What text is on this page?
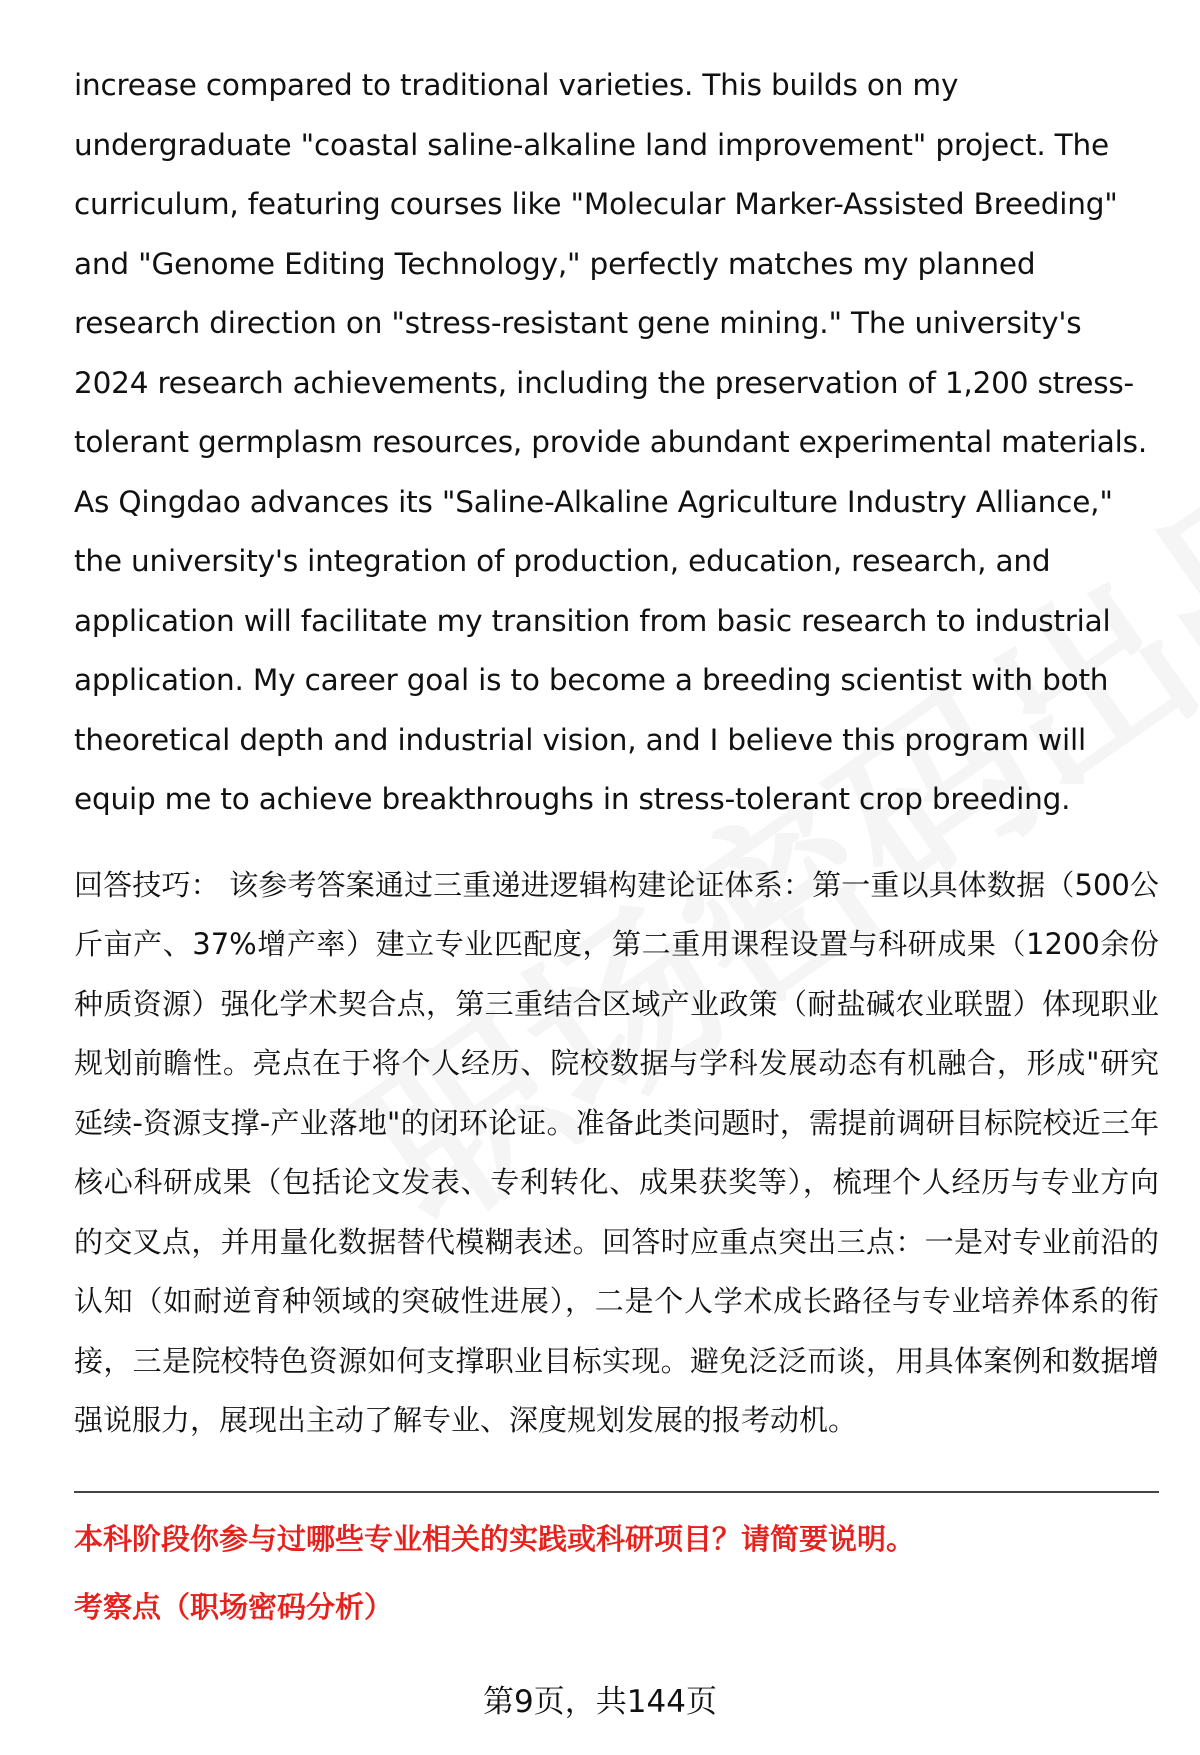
increase compared to traditional varieties. This builds on my undergraduate "coastal saline-alkaline land improvement" project. The curriculum, featuring courses like "Molecular Marker-Assisted Breeding" and "Genome Editing Technology," perfectly matches my planned research direction on "stress-resistant gene mining." The university's 2024 research achievements, including the preservation of 1,200 stress-tolerant germplasm resources, provide abundant experimental materials. As Qingdao advances its "Saline-Alkaline Agriculture Industry Alliance," the university's integration of production, education, research, and application will facilitate my transition from basic research to industrial application. My career goal is to become a breeding scientist with both theoretical depth and industrial vision, and I believe this program will equip me to achieve breakthroughs in stress-tolerant crop breeding.

回答技巧： 该参考答案通过三重递进逻辑构建论证体系：第一重以具体数据（500公斤亩产、37%增产率）建立专业匹配度，第二重用课程设置与科研成果（1200余份种质资源）强化学术契合点，第三重结合区域产业政策（耐盐碱农业联盟）体现职业规划前瞻性。亮点在于将个人经历、院校数据与学科发展动态有机融合，形成"研究延续-资源支撑-产业落地"的闭环论证。准备此类问题时，需提前调研目标院校近三年核心科研成果（包括论文发表、专利转化、成果获奖等），梳理个人经历与专业方向的交叉点，并用量化数据替代模糊表述。回答时应重点突出三点：一是对专业前沿的认知（如耐逆育种领域的突破性进展），二是个人学术成长路径与专业培养体系的衔接，三是院校特色资源如何支撑职业目标实现。避免泛泛而谈，用具体案例和数据增强说服力，展现出主动了解专业、深度规划发展的报考动机。

本科阶段你参与过哪些专业相关的实践或科研项目？请简要说明。

考察点（职场密码分析）

第9页，共144页
